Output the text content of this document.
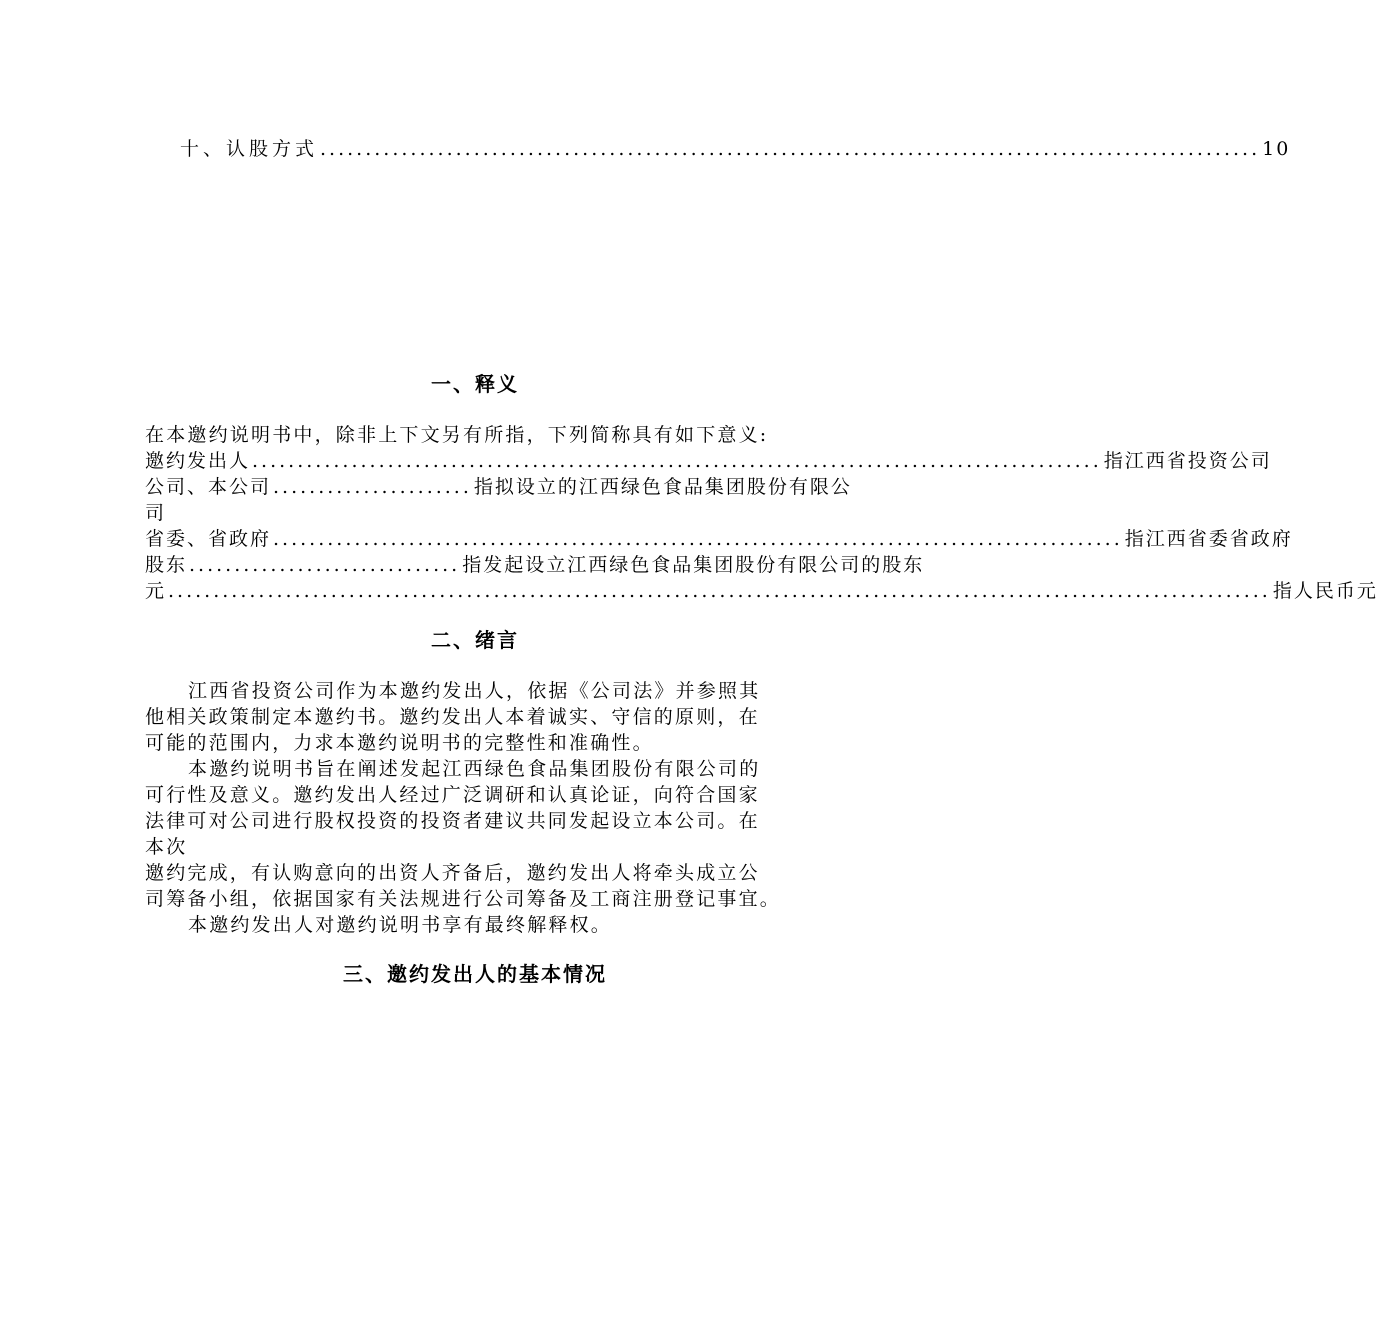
十、认股方式 ........................................................................................................ 10
一、释义
在本邀约说明书中，除非上下文另有所指，下列简称具有如下意义:
邀约发出人 .............................................................................................. 指江西省投资公司
公司、本公司 ...................... 指拟设立的江西绿色食品集团股份有限公
司
省委、省政府 .............................................................................................. 指江西省委省政府
股东 .............................. 指发起设立江西绿色食品集团股份有限公司的股东
元 .......................................................................................................................... 指人民币元
二、绪言
江西省投资公司作为本邀约发出人，依据《公司法》并参照其
他相关政策制定本邀约书。邀约发出人本着诚实、守信的原则，在
可能的范围内，力求本邀约说明书的完整性和准确性。
本邀约说明书旨在阐述发起江西绿色食品集团股份有限公司的
可行性及意义。邀约发出人经过广泛调研和认真论证，向符合国家
法律可对公司进行股权投资的投资者建议共同发起设立本公司。在
本次
邀约完成，有认购意向的出资人齐备后，邀约发出人将牵头成立公
司筹备小组，依据国家有关法规进行公司筹备及工商注册登记事宜。
本邀约发出人对邀约说明书享有最终解释权。
三、邀约发出人的基本情况
